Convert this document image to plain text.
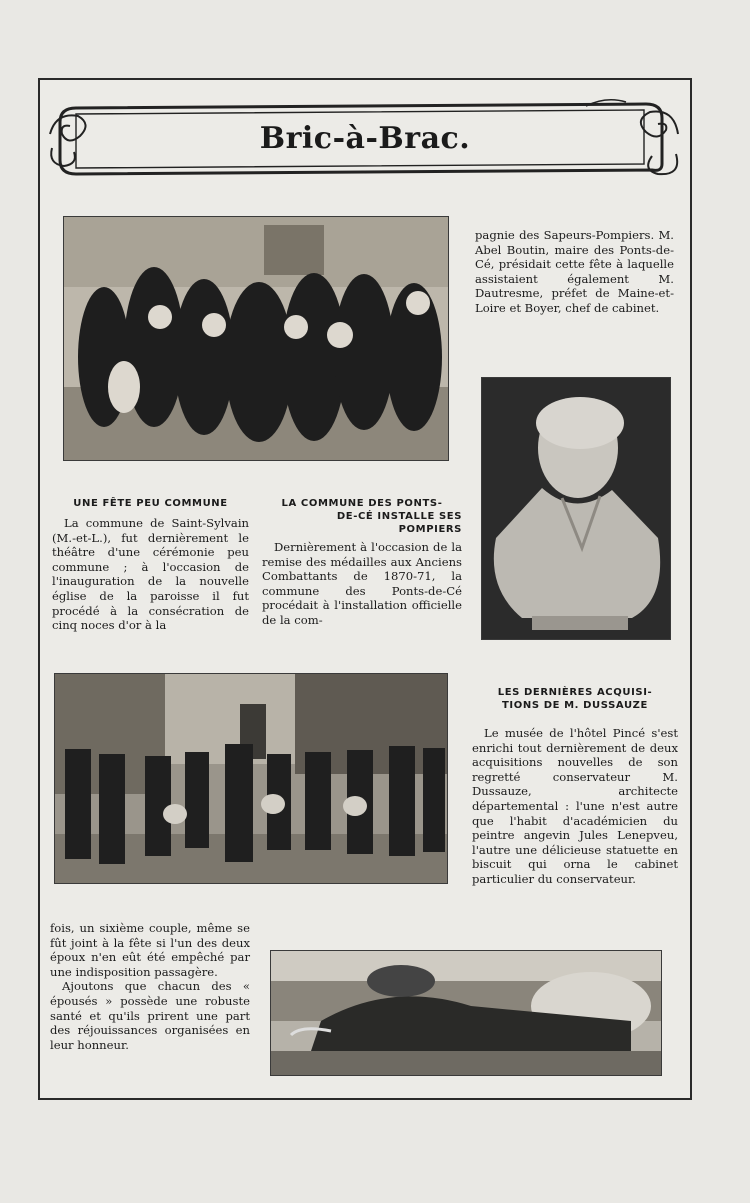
Bric-à-Brac.

pagnie des Sapeurs-Pompiers. M. Abel Boutin, maire des Ponts-de-Cé, présidait cette fête à laquelle assistaient également M. Dautresme, préfet de Maine-et-Loire et Boyer, chef de cabinet.

UNE FÊTE PEU COMMUNE

La commune de Saint-Sylvain (M.-et-L.), fut dernièrement le théâtre d'une cérémonie peu commune ; à l'occasion de l'inauguration de la nouvelle église de la paroisse il fut procédé à la consécration de cinq noces d'or à la

LA COMMUNE DES PONTS-
DE-CÉ INSTALLE SES
POMPIERS

Dernièrement à l'occasion de la remise des médailles aux Anciens Combattants de 1870-71, la commune des Ponts-de-Cé procédait à l'installation officielle de la com-

LES DERNIÈRES ACQUISI-
TIONS DE M. DUSSAUZE

Le musée de l'hôtel Pincé s'est enrichi tout dernièrement de deux acquisitions nouvelles de son regretté conservateur M. Dussauze, architecte départemental : l'une n'est autre que l'habit d'académicien du peintre angevin Jules Lenepveu, l'autre une délicieuse statuette en biscuit qui orna le cabinet particulier du conservateur.

fois, un sixième couple, même se fût joint à la fête si l'un des deux époux n'en eût été empêché par une indisposition passagère.

Ajoutons que chacun des « épousés » possède une robuste santé et qu'ils prirent une part des réjouissances organisées en leur honneur.
